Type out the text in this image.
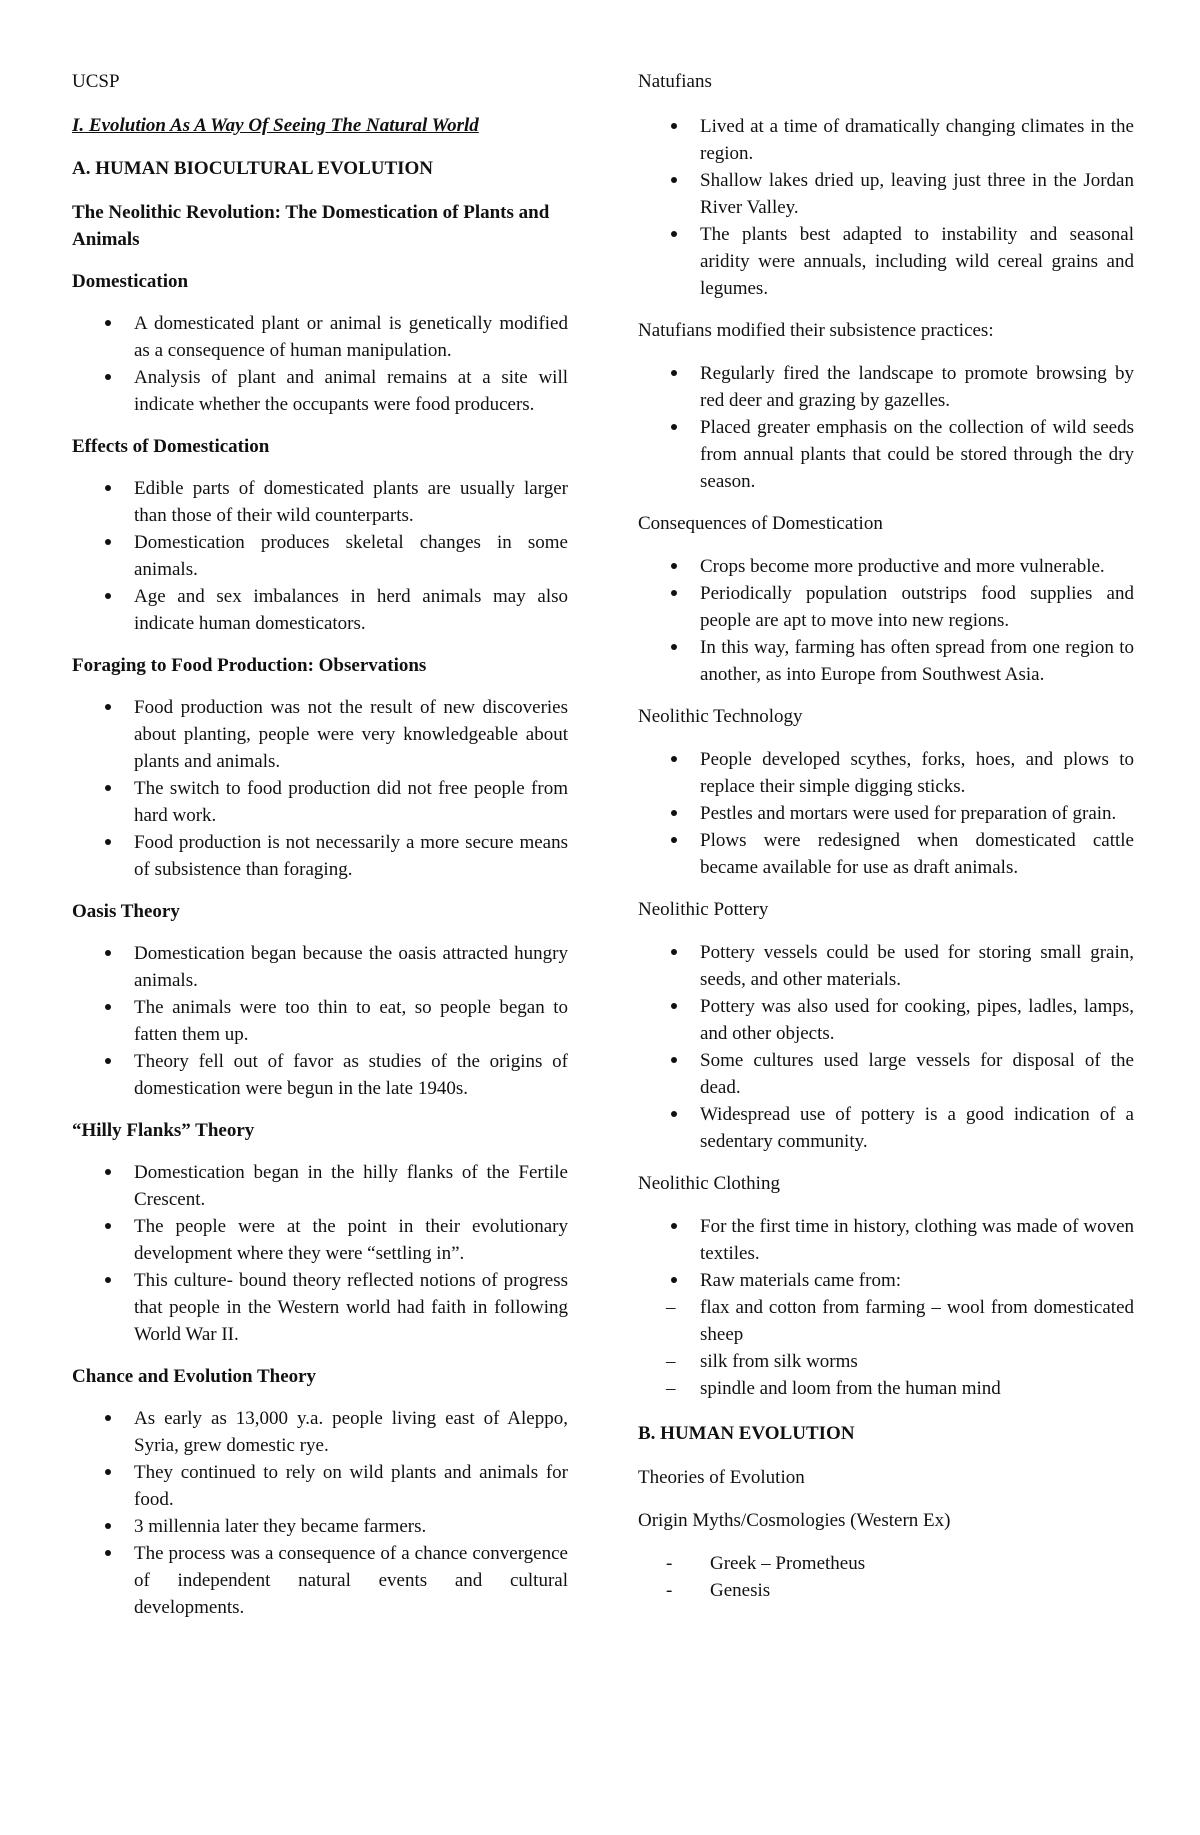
UCSP

I. Evolution As A Way Of Seeing The Natural World

A. HUMAN BIOCULTURAL EVOLUTION

The Neolithic Revolution: The Domestication of Plants and Animals

Domestication

A domesticated plant or animal is genetically modified as a consequence of human manipulation.
Analysis of plant and animal remains at a site will indicate whether the occupants were food producers.

Effects of Domestication

Edible parts of domesticated plants are usually larger than those of their wild counterparts.
Domestication produces skeletal changes in some animals.
Age and sex imbalances in herd animals may also indicate human domesticators.

Foraging to Food Production: Observations

Food production was not the result of new discoveries about planting, people were very knowledgeable about plants and animals.
The switch to food production did not free people from hard work.
Food production is not necessarily a more secure means of subsistence than foraging.

Oasis Theory

Domestication began because the oasis attracted hungry animals.
The animals were too thin to eat, so people began to fatten them up.
Theory fell out of favor as studies of the origins of domestication were begun in the late 1940s.

“Hilly Flanks” Theory

Domestication began in the hilly flanks of the Fertile Crescent.
The people were at the point in their evolutionary development where they were “settling in”.
This culture- bound theory reflected notions of progress that people in the Western world had faith in following World War II.

Chance and Evolution Theory

As early as 13,000 y.a. people living east of Aleppo, Syria, grew domestic rye.
They continued to rely on wild plants and animals for food.
3 millennia later they became farmers.
The process was a consequence of a chance convergence of independent natural events and cultural developments.

Natufians

Lived at a time of dramatically changing climates in the region.
Shallow lakes dried up, leaving just three in the Jordan River Valley.
The plants best adapted to instability and seasonal aridity were annuals, including wild cereal grains and legumes.

Natufians modified their subsistence practices:

Regularly fired the landscape to promote browsing by red deer and grazing by gazelles.
Placed greater emphasis on the collection of wild seeds from annual plants that could be stored through the dry season.

Consequences of Domestication

Crops become more productive and more vulnerable.
Periodically population outstrips food supplies and people are apt to move into new regions.
In this way, farming has often spread from one region to another, as into Europe from Southwest Asia.

Neolithic Technology

People developed scythes, forks, hoes, and plows to replace their simple digging sticks.
Pestles and mortars were used for preparation of grain.
Plows were redesigned when domesticated cattle became available for use as draft animals.

Neolithic Pottery

Pottery vessels could be used for storing small grain, seeds, and other materials.
Pottery was also used for cooking, pipes, ladles, lamps, and other objects.
Some cultures used large vessels for disposal of the dead.
Widespread use of pottery is a good indication of a sedentary community.

Neolithic Clothing

For the first time in history, clothing was made of woven textiles.
Raw materials came from:
– flax and cotton from farming – wool from domesticated sheep
– silk from silk worms
– spindle and loom from the human mind

B. HUMAN EVOLUTION

Theories of Evolution

Origin Myths/Cosmologies (Western Ex)

- Greek – Prometheus
- Genesis
